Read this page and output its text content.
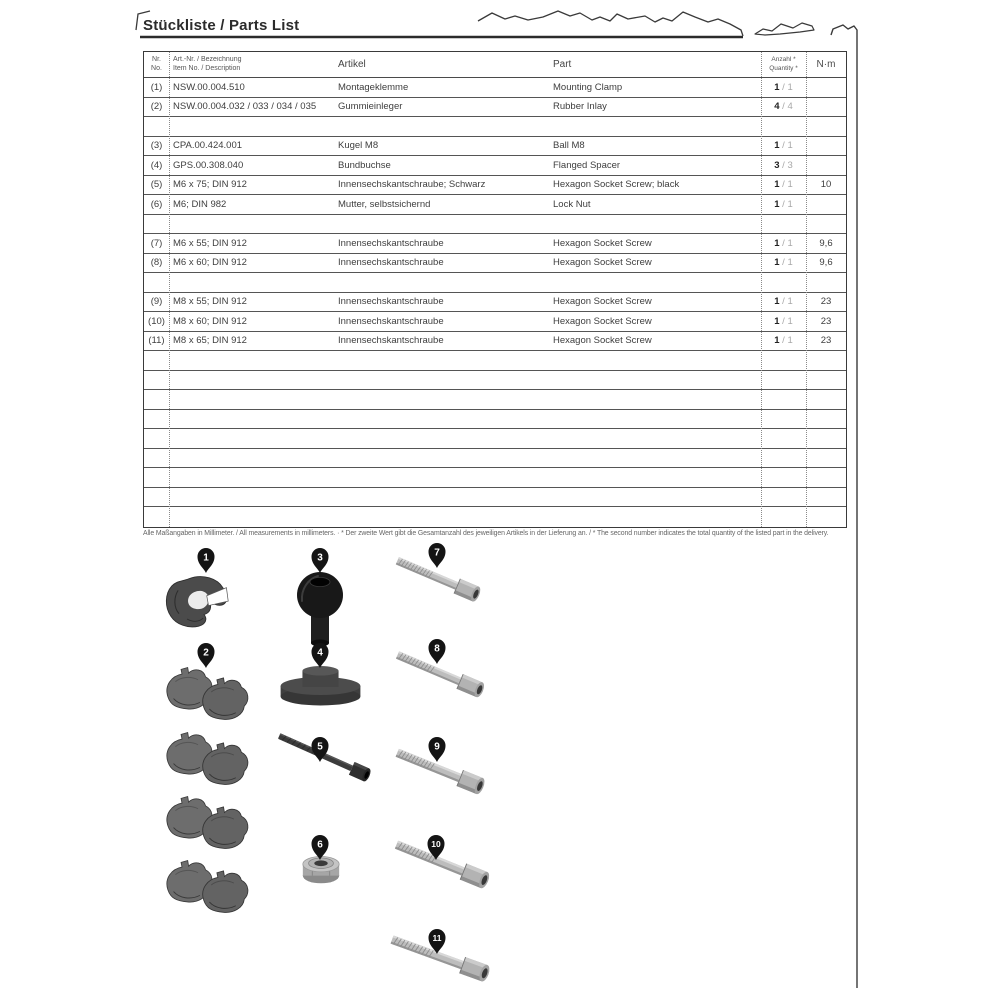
Stückliste / Parts List
Nr.
No.
Art.-Nr. / Bezeichnung
Item No. / Description	Artikel	Part	Anzahl *
Quantity *	N·m
(1)	NSW.00.004.510	Montageklemme	Mounting Clamp	1 / 1
(2)	NSW.00.004.032 / 033 / 034 / 035	Gummieinleger	Rubber Inlay	4 / 4
(3)	CPA.00.424.001	Kugel M8	Ball M8	1 / 1
(4)	GPS.00.308.040	Bundbuchse	Flanged Spacer	3 / 3
(5)	M6 x 75; DIN 912	Innensechskantschraube; Schwarz	Hexagon Socket Screw; black	1 / 1	10
(6)	M6; DIN 982	Mutter, selbstsichernd	Lock Nut	1 / 1
(7)	M6 x 55; DIN 912	Innensechskantschraube	Hexagon Socket Screw	1 / 1	9,6
(8)	M6 x 60; DIN 912	Innensechskantschraube	Hexagon Socket Screw	1 / 1	9,6
(9)	M8 x 55; DIN 912	Innensechskantschraube	Hexagon Socket Screw	1 / 1	23
(10) M8 x 60; DIN 912	Innensechskantschraube	Hexagon Socket Screw	1 / 1	23
(11) M8 x 65; DIN 912	Innensechskantschraube	Hexagon Socket Screw	1 / 1	23
Alle Maßangaben in Millimeter. / All measurements in millimeters. · * Der zweite Wert gibt die Gesamtanzahl des jeweiligen Artikels in der Lieferung an. / * The second number indicates the total quantity of the listed part in the delivery.
1	3	7
2	4	8
5	9
6	10
11
